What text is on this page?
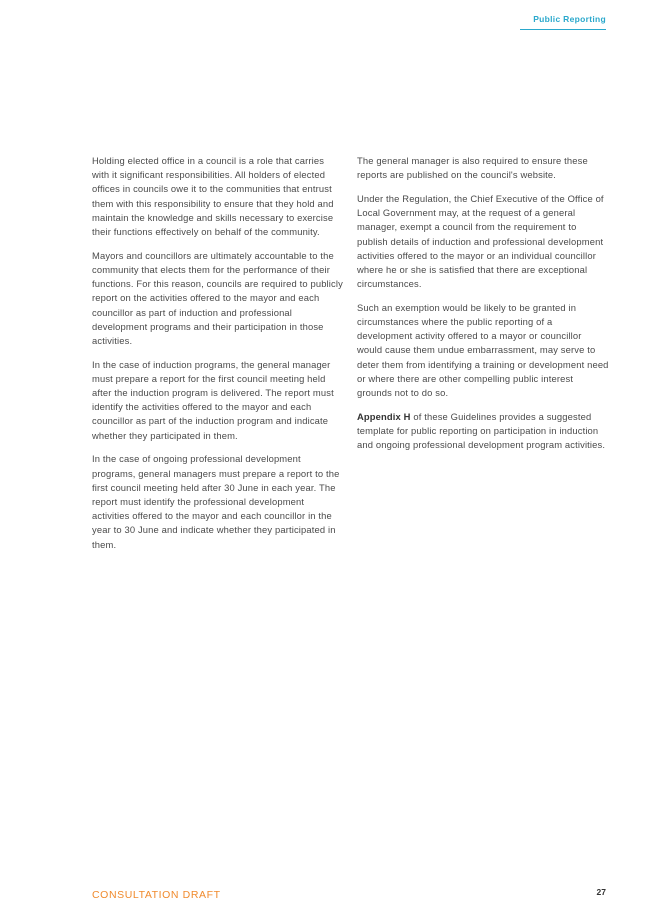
Public Reporting

Holding elected office in a council is a role that carries with it significant responsibilities. All holders of elected offices in councils owe it to the communities that entrust them with this responsibility to ensure that they hold and maintain the knowledge and skills necessary to exercise their functions effectively on behalf of the community.

Mayors and councillors are ultimately accountable to the community that elects them for the performance of their functions. For this reason, councils are required to publicly report on the activities offered to the mayor and each councillor as part of induction and professional development programs and their participation in those activities.

In the case of induction programs, the general manager must prepare a report for the first council meeting held after the induction program is delivered. The report must identify the activities offered to the mayor and each councillor as part of the induction program and indicate whether they participated in them.

In the case of ongoing professional development programs, general managers must prepare a report to the first council meeting held after 30 June in each year. The report must identify the professional development activities offered to the mayor and each councillor in the year to 30 June and indicate whether they participated in them.

The general manager is also required to ensure these reports are published on the council's website.

Under the Regulation, the Chief Executive of the Office of Local Government may, at the request of a general manager, exempt a council from the requirement to publish details of induction and professional development activities offered to the mayor or an individual councillor where he or she is satisfied that there are exceptional circumstances.

Such an exemption would be likely to be granted in circumstances where the public reporting of a development activity offered to a mayor or councillor would cause them undue embarrassment, may serve to deter them from identifying a training or development need or where there are other compelling public interest grounds not to do so.

Appendix H of these Guidelines provides a suggested template for public reporting on participation in induction and ongoing professional development program activities.

CONSULTATION DRAFT	27
